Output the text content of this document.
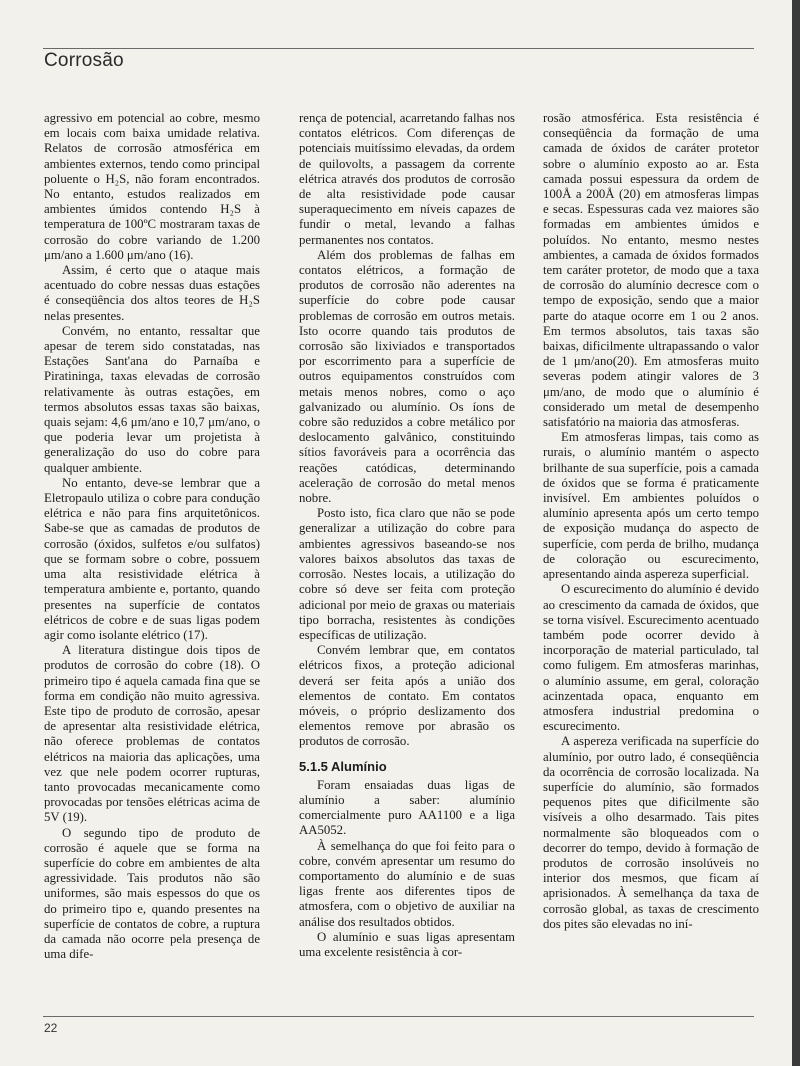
Corrosão

agressivo em potencial ao cobre, mesmo em locais com baixa umidade relativa. Relatos de corrosão atmosférica em ambientes externos, tendo como principal poluente o H₂S, não foram encontrados. No entanto, estudos realizados em ambientes úmidos contendo H₂S à temperatura de 100ºC mostraram taxas de corrosão do cobre variando de 1.200 μm/ano a 1.600 μm/ano (16).

Assim, é certo que o ataque mais acentuado do cobre nessas duas estações é conseqüência dos altos teores de H₂S nelas presentes.

Convém, no entanto, ressaltar que apesar de terem sido constatadas, nas Estações Sant'ana do Parnaíba e Piratininga, taxas elevadas de corrosão relativamente às outras estações, em termos absolutos essas taxas são baixas, quais sejam: 4,6 μm/ano e 10,7 μm/ano, o que poderia levar um projetista à generalização do uso do cobre para qualquer ambiente.

No entanto, deve-se lembrar que a Eletropaulo utiliza o cobre para condução elétrica e não para fins arquitetônicos. Sabe-se que as camadas de produtos de corrosão (óxidos, sulfetos e/ou sulfatos) que se formam sobre o cobre, possuem uma alta resistividade elétrica à temperatura ambiente e, portanto, quando presentes na superfície de contatos elétricos de cobre e de suas ligas podem agir como isolante elétrico (17).

A literatura distingue dois tipos de produtos de corrosão do cobre (18). O primeiro tipo é aquela camada fina que se forma em condição não muito agressiva. Este tipo de produto de corrosão, apesar de apresentar alta resistividade elétrica, não oferece problemas de contatos elétricos na maioria das aplicações, uma vez que nele podem ocorrer rupturas, tanto provocadas mecanicamente como provocadas por tensões elétricas acima de 5V (19).

O segundo tipo de produto de corrosão é aquele que se forma na superfície do cobre em ambientes de alta agressividade. Tais produtos não são uniformes, são mais espessos do que os do primeiro tipo e, quando presentes na superfície de contatos de cobre, a ruptura da camada não ocorre pela presença de uma dife-

rença de potencial, acarretando falhas nos contatos elétricos. Com diferenças de potenciais muitíssimo elevadas, da ordem de quilovolts, a passagem da corrente elétrica através dos produtos de corrosão de alta resistividade pode causar superaquecimento em níveis capazes de fundir o metal, levando a falhas permanentes nos contatos.

Além dos problemas de falhas em contatos elétricos, a formação de produtos de corrosão não aderentes na superfície do cobre pode causar problemas de corrosão em outros metais. Isto ocorre quando tais produtos de corrosão são lixiviados e transportados por escorrimento para a superfície de outros equipamentos construídos com metais menos nobres, como o aço galvanizado ou alumínio. Os íons de cobre são reduzidos a cobre metálico por deslocamento galvânico, constituindo sítios favoráveis para a ocorrência das reações catódicas, determinando aceleração de corrosão do metal menos nobre.

Posto isto, fica claro que não se pode generalizar a utilização do cobre para ambientes agressivos baseando-se nos valores baixos absolutos das taxas de corrosão. Nestes locais, a utilização do cobre só deve ser feita com proteção adicional por meio de graxas ou materiais tipo borracha, resistentes às condições específicas de utilização.

Convém lembrar que, em contatos elétricos fixos, a proteção adicional deverá ser feita após a união dos elementos de contato. Em contatos móveis, o próprio deslizamento dos elementos remove por abrasão os produtos de corrosão.

5.1.5 Alumínio

Foram ensaiadas duas ligas de alumínio a saber: alumínio comercialmente puro AA1100 e a liga AA5052.

À semelhança do que foi feito para o cobre, convém apresentar um resumo do comportamento do alumínio e de suas ligas frente aos diferentes tipos de atmosfera, com o objetivo de auxiliar na análise dos resultados obtidos.

O alumínio e suas ligas apresentam uma excelente resistência à cor-

rosão atmosférica. Esta resistência é conseqüência da formação de uma camada de óxidos de caráter protetor sobre o alumínio exposto ao ar. Esta camada possui espessura da ordem de 100Å a 200Å (20) em atmosferas limpas e secas. Espessuras cada vez maiores são formadas em ambientes úmidos e poluídos. No entanto, mesmo nestes ambientes, a camada de óxidos formados tem caráter protetor, de modo que a taxa de corrosão do alumínio decresce com o tempo de exposição, sendo que a maior parte do ataque ocorre em 1 ou 2 anos. Em termos absolutos, tais taxas são baixas, dificilmente ultrapassando o valor de 1 μm/ano(20). Em atmosferas muito severas podem atingir valores de 3 μm/ano, de modo que o alumínio é considerado um metal de desempenho satisfatório na maioria das atmosferas.

Em atmosferas limpas, tais como as rurais, o alumínio mantém o aspecto brilhante de sua superfície, pois a camada de óxidos que se forma é praticamente invisível. Em ambientes poluídos o alumínio apresenta após um certo tempo de exposição mudança do aspecto de superfície, com perda de brilho, mudança de coloração ou escurecimento, apresentando ainda aspereza superficial.

O escurecimento do alumínio é devido ao crescimento da camada de óxidos, que se torna visível. Escurecimento acentuado também pode ocorrer devido à incorporação de material particulado, tal como fuligem. Em atmosferas marinhas, o alumínio assume, em geral, coloração acinzentada opaca, enquanto em atmosfera industrial predomina o escurecimento.

A aspereza verificada na superfície do alumínio, por outro lado, é conseqüência da ocorrência de corrosão localizada. Na superfície do alumínio, são formados pequenos pites que dificilmente são visíveis a olho desarmado. Tais pites normalmente são bloqueados com o decorrer do tempo, devido à formação de produtos de corrosão insolúveis no interior dos mesmos, que ficam aí aprisionados. À semelhança da taxa de corrosão global, as taxas de crescimento dos pites são elevadas no iní-

22
